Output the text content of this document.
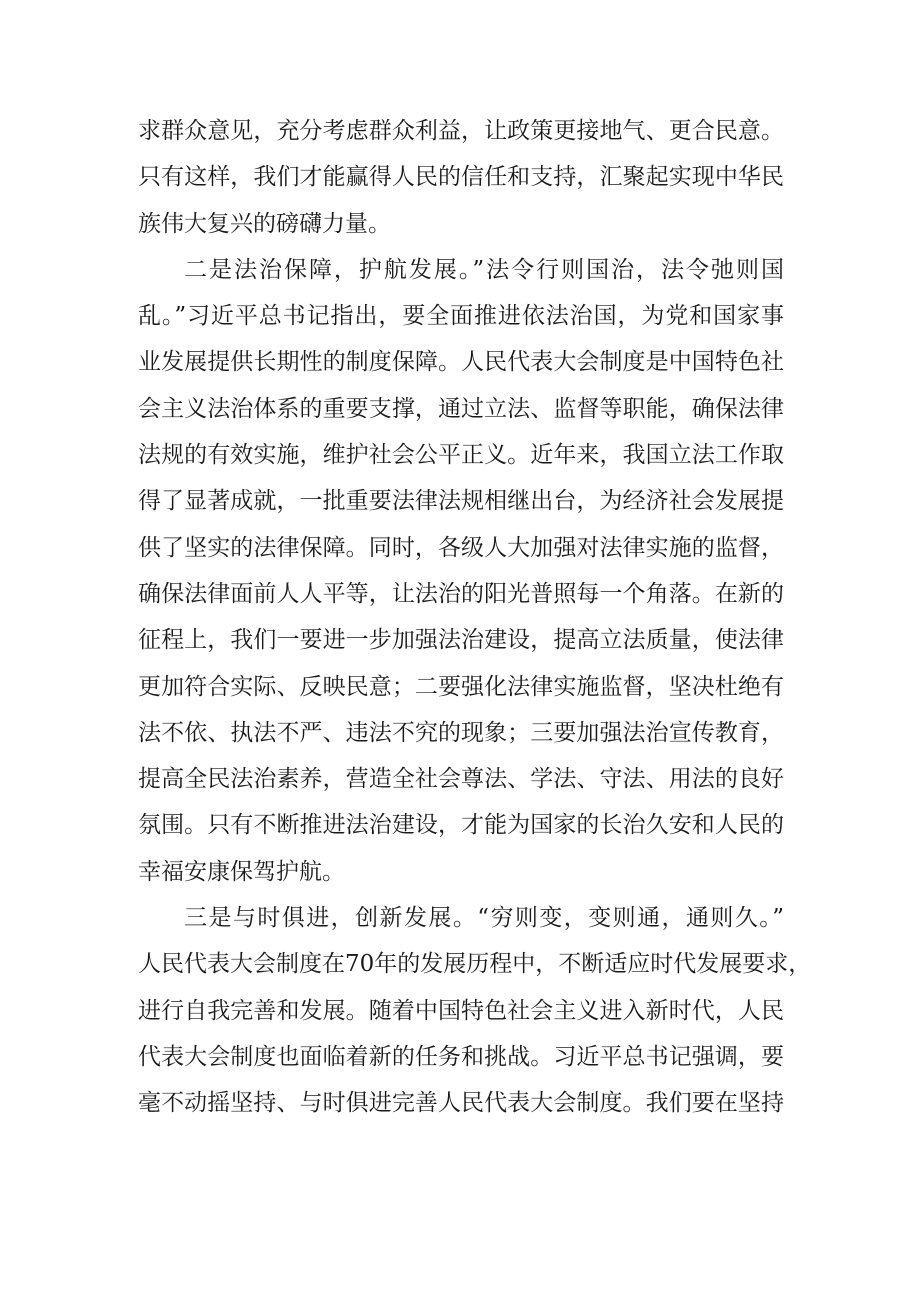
求群众意见，充分考虑群众利益，让政策更接地气、更合民意。
只有这样，我们才能赢得人民的信任和支持，汇聚起实现中华民
族伟大复兴的磅礴力量。
二是法治保障，护航发展。”法令行则国治，法令弛则国
乱。”习近平总书记指出，要全面推进依法治国，为党和国家事
业发展提供长期性的制度保障。人民代表大会制度是中国特色社
会主义法治体系的重要支撑，通过立法、监督等职能，确保法律
法规的有效实施，维护社会公平正义。近年来，我国立法工作取
得了显著成就，一批重要法律法规相继出台，为经济社会发展提
供了坚实的法律保障。同时，各级人大加强对法律实施的监督，
确保法律面前人人平等，让法治的阳光普照每一个角落。在新的
征程上，我们一要进一步加强法治建设，提高立法质量，使法律
更加符合实际、反映民意；二要强化法律实施监督，坚决杜绝有
法不依、执法不严、违法不究的现象；三要加强法治宣传教育，
提高全民法治素养，营造全社会尊法、学法、守法、用法的良好
氛围。只有不断推进法治建设，才能为国家的长治久安和人民的
幸福安康保驾护航。
三是与时俱进，创新发展。“穷则变，变则通，通则久。”
人民代表大会制度在70年的发展历程中，不断适应时代发展要求，
进行自我完善和发展。随着中国特色社会主义进入新时代，人民
代表大会制度也面临着新的任务和挑战。习近平总书记强调，要
毫不动摇坚持、与时俱进完善人民代表大会制度。我们要在坚持
